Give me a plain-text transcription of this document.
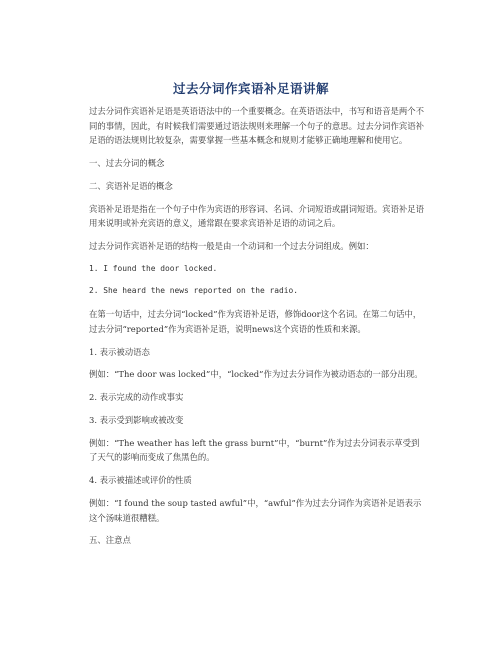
过去分词作宾语补足语讲解

过去分词作宾语补足语是英语语法中的一个重要概念。在英语语法中，书写和语音是两个不同的事情，因此，有时候我们需要通过语法规则来理解一个句子的意思。过去分词作宾语补足语的语法规则比较复杂，需要掌握一些基本概念和规则才能够正确地理解和使用它。

一、过去分词的概念

二、宾语补足语的概念

宾语补足语是指在一个句子中作为宾语的形容词、名词、介词短语或副词短语。宾语补足语用来说明或补充宾语的意义，通常跟在要求宾语补足语的动词之后。

过去分词作宾语补足语的结构一般是由一个动词和一个过去分词组成。例如：

1. I found the door locked.

2. She heard the news reported on the radio.

在第一句话中，过去分词“locked”作为宾语补足语，修饰door这个名词。在第二句话中，过去分词“reported”作为宾语补足语，说明news这个宾语的性质和来源。

1. 表示被动语态

例如：“The door was locked”中，“locked”作为过去分词作为被动语态的一部分出现。

2. 表示完成的动作或事实

3. 表示受到影响或被改变

例如：“The weather has left the grass burnt”中，“burnt”作为过去分词表示草受到了天气的影响而变成了焦黑色的。

4. 表示被描述或评价的性质

例如：“I found the soup tasted awful”中，“awful”作为过去分词作为宾语补足语表示这个汤味道很糟糕。

五、注意点
